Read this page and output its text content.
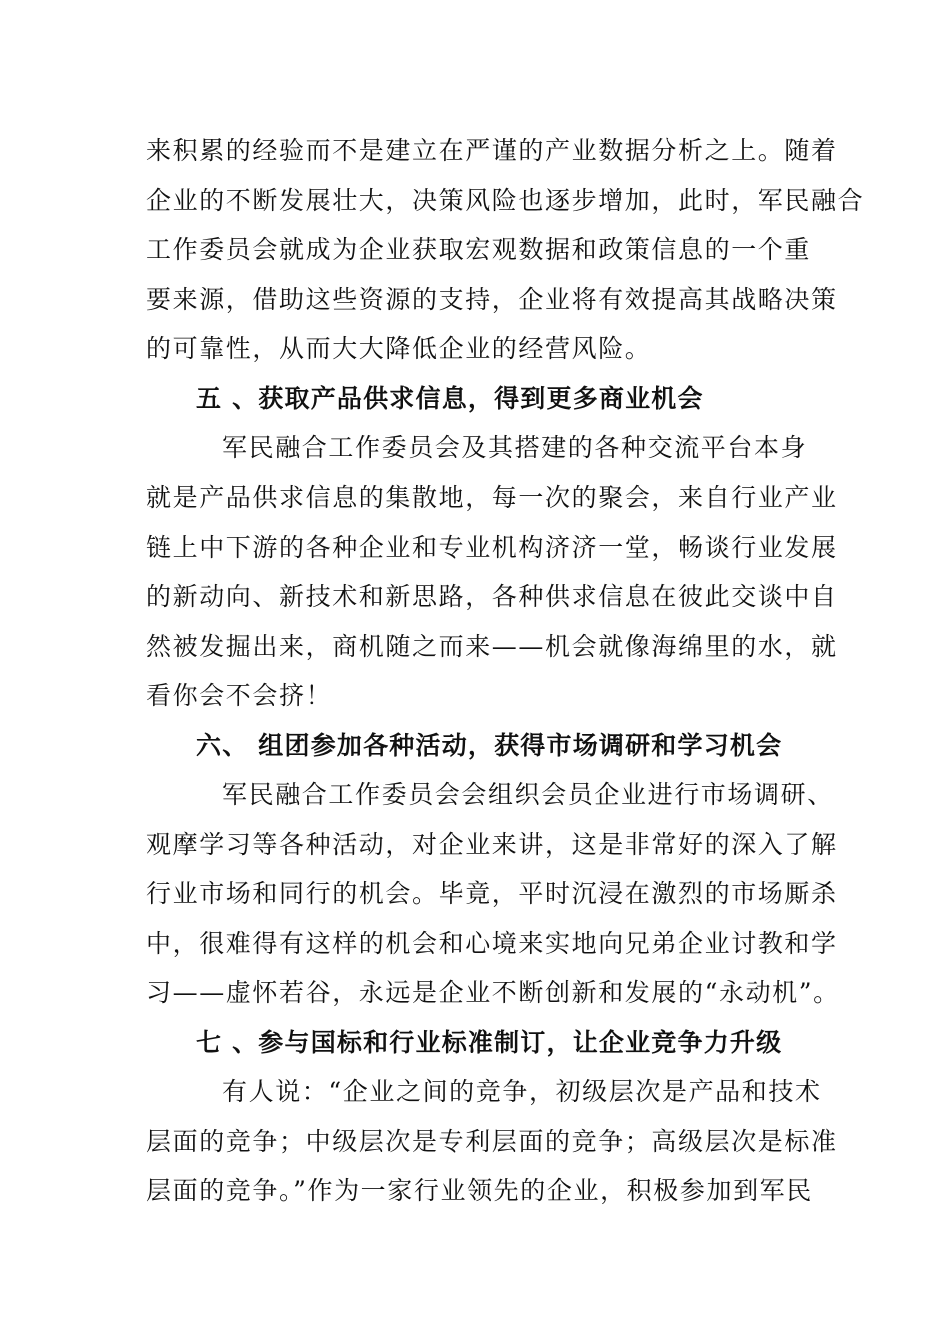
来积累的经验而不是建立在严谨的产业数据分析之上。随着
企业的不断发展壮大，决策风险也逐步增加，此时，军民融合
工作委员会就成为企业获取宏观数据和政策信息的一个重
要来源，借助这些资源的支持，企业将有效提高其战略决策
的可靠性，从而大大降低企业的经营风险。
五 、获取产品供求信息，得到更多商业机会
军民融合工作委员会及其搭建的各种交流平台本身
就是产品供求信息的集散地，每一次的聚会，来自行业产业
链上中下游的各种企业和专业机构济济一堂，畅谈行业发展
的新动向、新技术和新思路，各种供求信息在彼此交谈中自
然被发掘出来，商机随之而来——机会就像海绵里的水，就
看你会不会挤！
六、 组团参加各种活动，获得市场调研和学习机会
军民融合工作委员会会组织会员企业进行市场调研、
观摩学习等各种活动，对企业来讲，这是非常好的深入了解
行业市场和同行的机会。毕竟，平时沉浸在激烈的市场厮杀
中，很难得有这样的机会和心境来实地向兄弟企业讨教和学
习——虚怀若谷，永远是企业不断创新和发展的“永动机”。
七 、参与国标和行业标准制订，让企业竞争力升级
有人说：“企业之间的竞争，初级层次是产品和技术
层面的竞争；中级层次是专利层面的竞争；高级层次是标准
层面的竞争。”作为一家行业领先的企业，积极参加到军民
